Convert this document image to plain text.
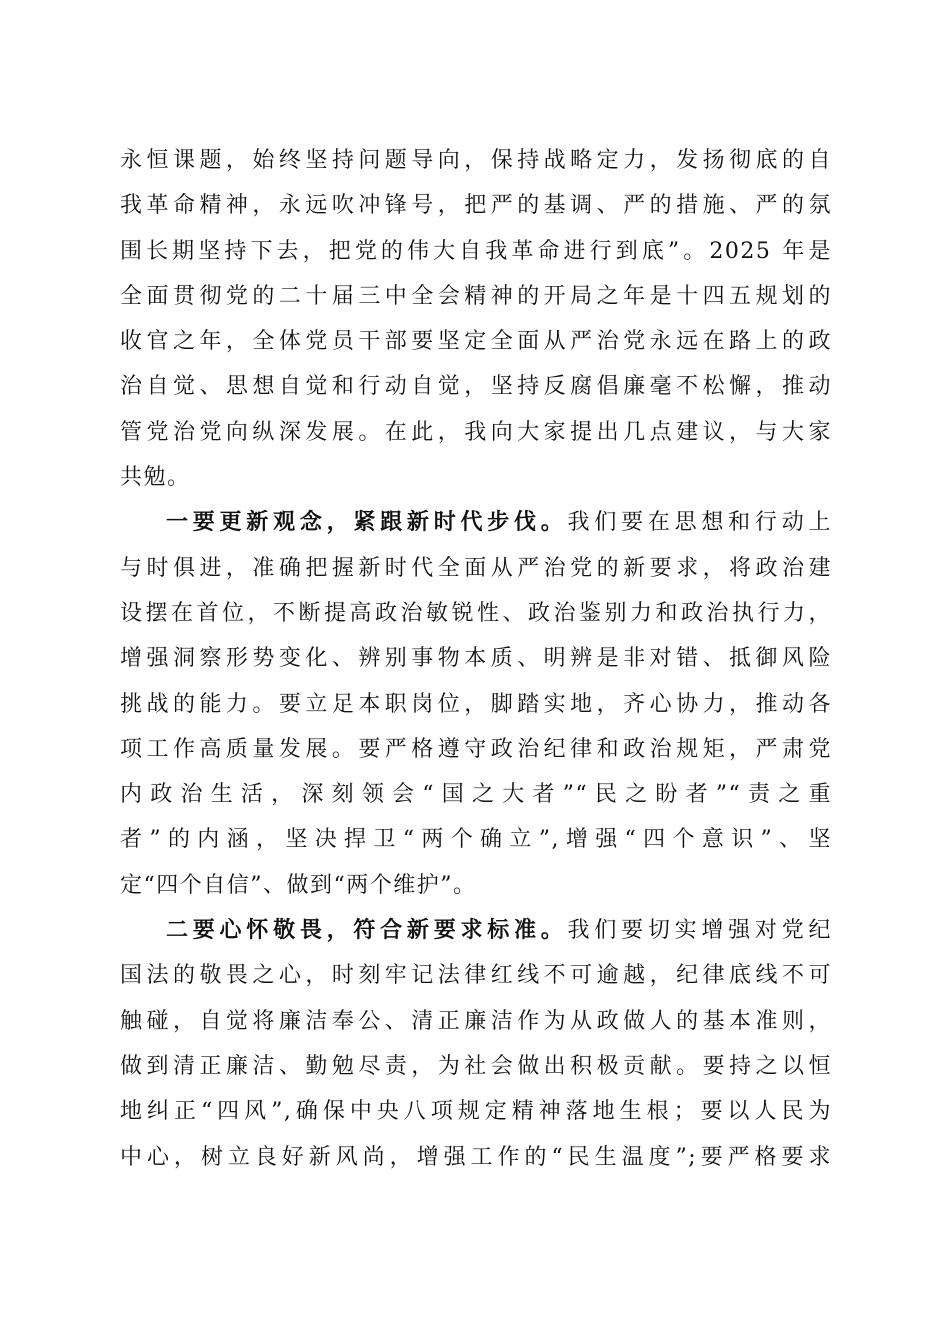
永恒课题，始终坚持问题导向，保持战略定力，发扬彻底的自
我革命精神，永远吹冲锋号，把严的基调、严的措施、严的氛
围长期坚持下去，把党的伟大自我革命进行到底”。2025 年是
全面贯彻党的二十届三中全会精神的开局之年是十四五规划的
收官之年，全体党员干部要坚定全面从严治党永远在路上的政
治自觉、思想自觉和行动自觉，坚持反腐倡廉毫不松懈，推动
管党治党向纵深发展。在此，我向大家提出几点建议，与大家
共勉。
一要更新观念，紧跟新时代步伐。我们要在思想和行动上
与时俱进，准确把握新时代全面从严治党的新要求，将政治建
设摆在首位，不断提高政治敏锐性、政治鉴别力和政治执行力，
增强洞察形势变化、辨别事物本质、明辨是非对错、抵御风险
挑战的能力。要立足本职岗位，脚踏实地，齐心协力，推动各
项工作高质量发展。要严格遵守政治纪律和政治规矩，严肃党
内政治生活，深刻领会“国之大者”“民之盼者”“责之重
者”的内涵，坚决捍卫“两个确立”,增强“四个意识”、坚
定“四个自信”、做到“两个维护”。
二要心怀敬畏，符合新要求标准。我们要切实增强对党纪
国法的敬畏之心，时刻牢记法律红线不可逾越，纪律底线不可
触碰，自觉将廉洁奉公、清正廉洁作为从政做人的基本准则，
做到清正廉洁、勤勉尽责，为社会做出积极贡献。要持之以恒
地纠正“四风”,确保中央八项规定精神落地生根；要以人民为
中心，树立良好新风尚，增强工作的“民生温度”;要严格要求
